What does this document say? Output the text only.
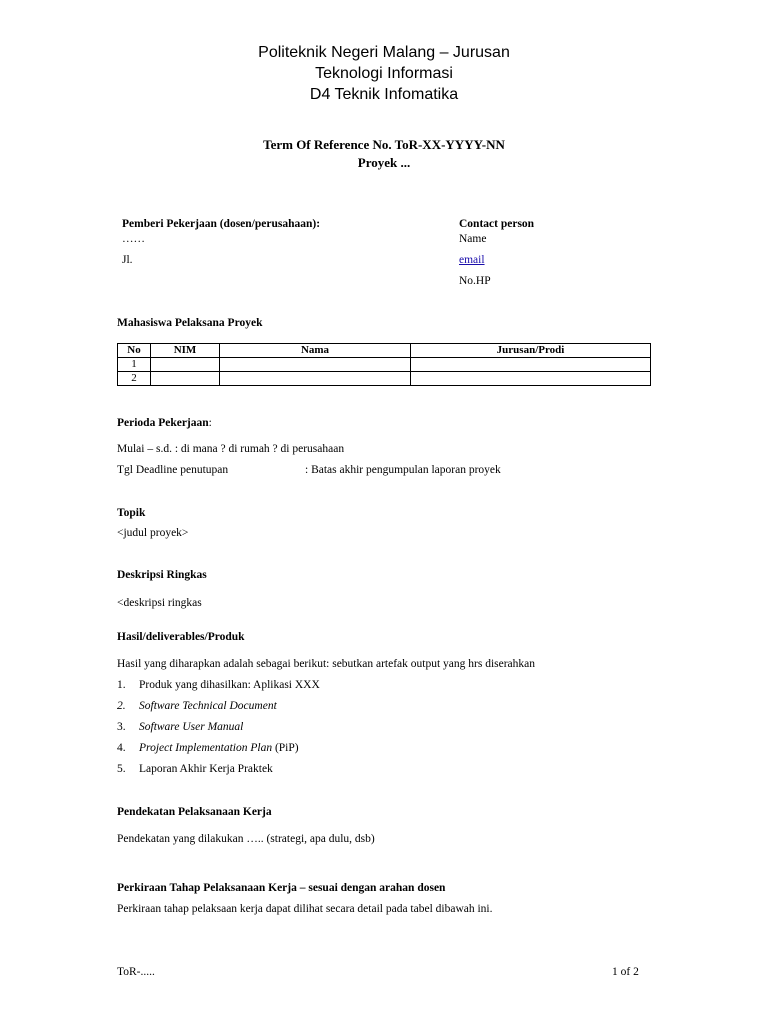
Politeknik Negeri Malang – Jurusan
Teknologi Informasi
D4 Teknik Infomatika
Term Of Reference No. ToR-XX-YYYY-NN
Proyek ...
Pemberi Pekerjaan (dosen/perusahaan):
……
Jl.
Contact person
Name
email
No.HP
Mahasiswa Pelaksana Proyek
No	NIM	Nama	Jurusan/Prodi
1			
2			
Perioda Pekerjaan:
Mulai – s.d. : di mana ? di rumah ? di perusahaan
Tgl Deadline penutupan	: Batas akhir pengumpulan laporan proyek
Topik
<judul proyek>
Deskripsi Ringkas
<deskripsi ringkas
Hasil/deliverables/Produk
Hasil yang diharapkan adalah sebagai berikut: sebutkan artefak output yang hrs diserahkan
1.	Produk yang dihasilkan: Aplikasi XXX
2.	Software Technical Document
3.	Software User Manual
4.	Project Implementation Plan (PiP)
5.	Laporan Akhir Kerja Praktek
Pendekatan Pelaksanaan Kerja
Pendekatan yang dilakukan ….. (strategi, apa dulu, dsb)
Perkiraan Tahap Pelaksanaan Kerja – sesuai dengan arahan dosen
Perkiraan tahap pelaksaan kerja dapat dilihat secara detail pada tabel dibawah ini.
ToR-.....	1 of 2
